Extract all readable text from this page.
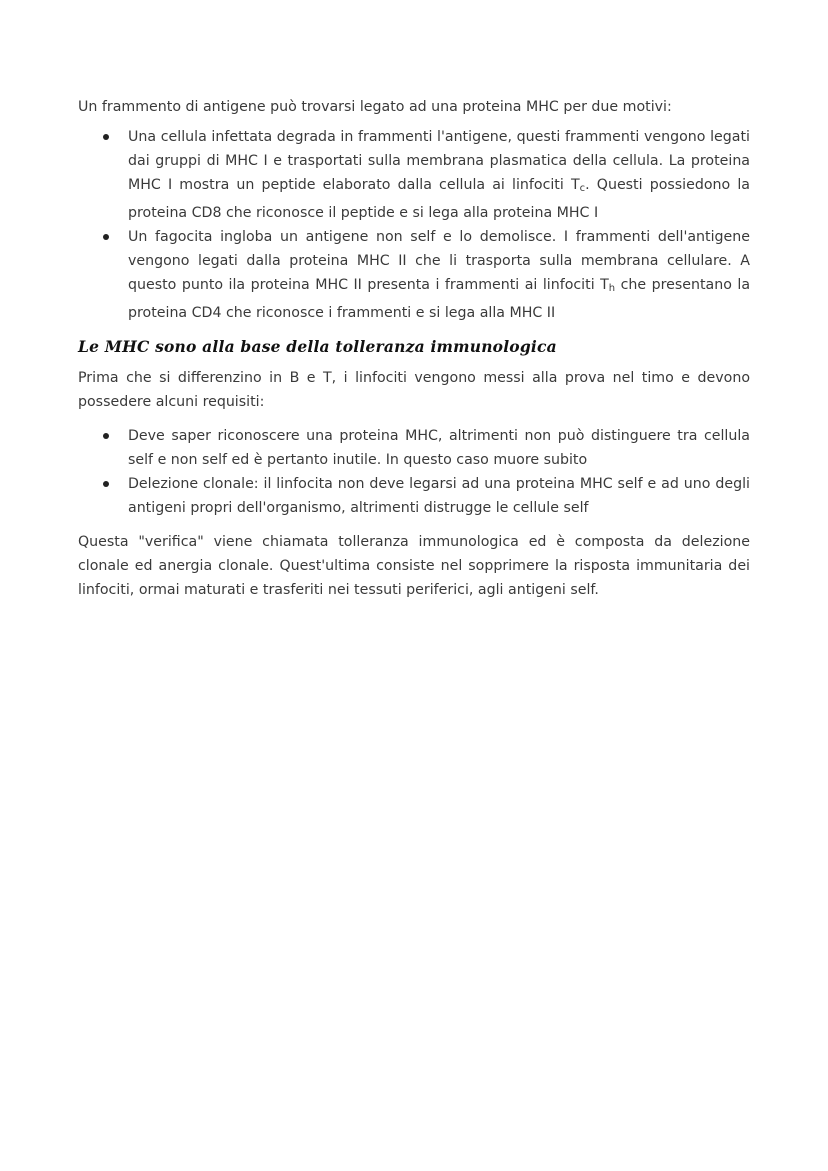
Un frammento di antigene può trovarsi legato ad una proteina MHC per due motivi:

Una cellula infettata degrada in frammenti l'antigene, questi frammenti vengono legati dai gruppi di MHC I e trasportati sulla membrana plasmatica della cellula. La proteina MHC I mostra un peptide elaborato dalla cellula ai linfociti $T_c$. Questi possiedono la proteina CD8 che riconosce il peptide e si lega alla proteina MHC I
Un fagocita ingloba un antigene non self e lo demolisce. I frammenti dell'antigene vengono legati dalla proteina MHC II che li trasporta sulla membrana cellulare. A questo punto ila proteina MHC II presenta i frammenti ai linfociti $T_h$ che presentano la proteina CD4 che riconosce i frammenti e si lega alla MHC II
Le MHC sono alla base della tolleranza immunologica

Prima che si differenzino in B e T, i linfociti vengono messi alla prova nel timo e devono possedere alcuni requisiti:

Deve saper riconoscere una proteina MHC, altrimenti non può distinguere tra cellula self e non self ed è pertanto inutile. In questo caso muore subito
Delezione clonale: il linfocita non deve legarsi ad una proteina MHC self e ad uno degli antigeni propri dell'organismo, altrimenti distrugge le cellule self

Questa "verifica" viene chiamata tolleranza immunologica ed è composta da delezione clonale ed anergia clonale. Quest'ultima consiste nel sopprimere la risposta immunitaria dei linfociti, ormai maturati e trasferiti nei tessuti periferici, agli antigeni self.
